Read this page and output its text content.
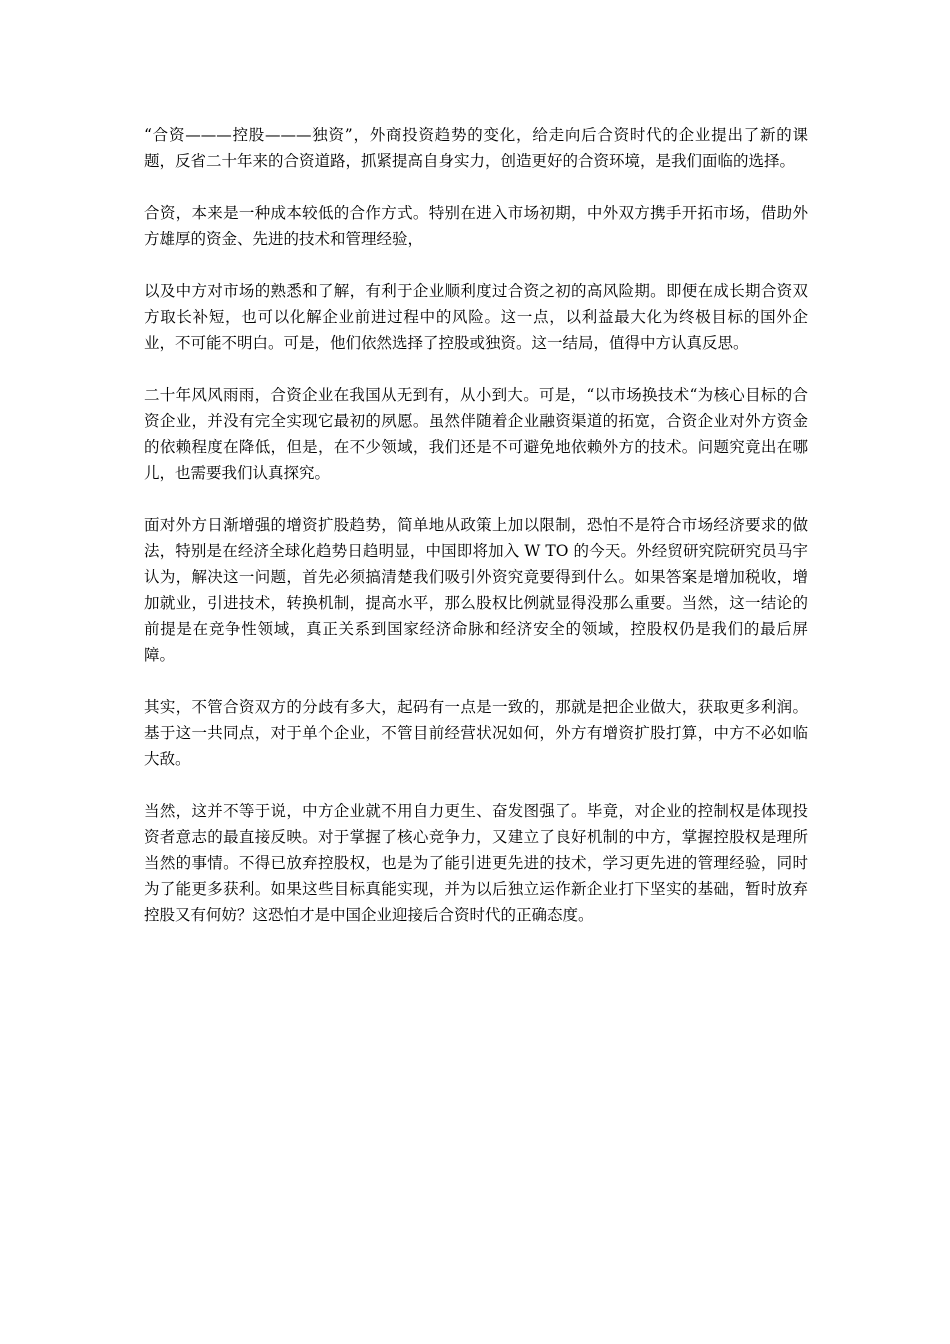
“合资———控股———独资”，外商投资趋势的变化，给走向后合资时代的企业提出了新的课题，反省二十年来的合资道路，抓紧提高自身实力，创造更好的合资环境，是我们面临的选择。

合资，本来是一种成本较低的合作方式。特别在进入市场初期，中外双方携手开拓市场，借助外方雄厚的资金、先进的技术和管理经验，

以及中方对市场的熟悉和了解，有利于企业顺利度过合资之初的高风险期。即便在成长期合资双方取长补短，也可以化解企业前进过程中的风险。这一点，以利益最大化为终极目标的国外企业，不可能不明白。可是，他们依然选择了控股或独资。这一结局，值得中方认真反思。

二十年风风雨雨，合资企业在我国从无到有，从小到大。可是，“以市场换技术“为核心目标的合资企业，并没有完全实现它最初的夙愿。虽然伴随着企业融资渠道的拓宽，合资企业对外方资金的依赖程度在降低，但是，在不少领域，我们还是不可避免地依赖外方的技术。问题究竟出在哪儿，也需要我们认真探究。

面对外方日渐增强的增资扩股趋势，简单地从政策上加以限制，恐怕不是符合市场经济要求的做法，特别是在经济全球化趋势日趋明显，中国即将加入 W TO 的今天。外经贸研究院研究员马宇认为，解决这一问题，首先必须搞清楚我们吸引外资究竟要得到什么。如果答案是增加税收，增加就业，引进技术，转换机制，提高水平，那么股权比例就显得没那么重要。当然，这一结论的前提是在竞争性领域，真正关系到国家经济命脉和经济安全的领域，控股权仍是我们的最后屏障。

其实，不管合资双方的分歧有多大，起码有一点是一致的，那就是把企业做大，获取更多利润。基于这一共同点，对于单个企业，不管目前经营状况如何，外方有增资扩股打算，中方不必如临大敌。

当然，这并不等于说，中方企业就不用自力更生、奋发图强了。毕竟，对企业的控制权是体现投资者意志的最直接反映。对于掌握了核心竞争力，又建立了良好机制的中方，掌握控股权是理所当然的事情。不得已放弃控股权，也是为了能引进更先进的技术，学习更先进的管理经验，同时为了能更多获利。如果这些目标真能实现，并为以后独立运作新企业打下坚实的基础，暂时放弃控股又有何妨？这恐怕才是中国企业迎接后合资时代的正确态度。
